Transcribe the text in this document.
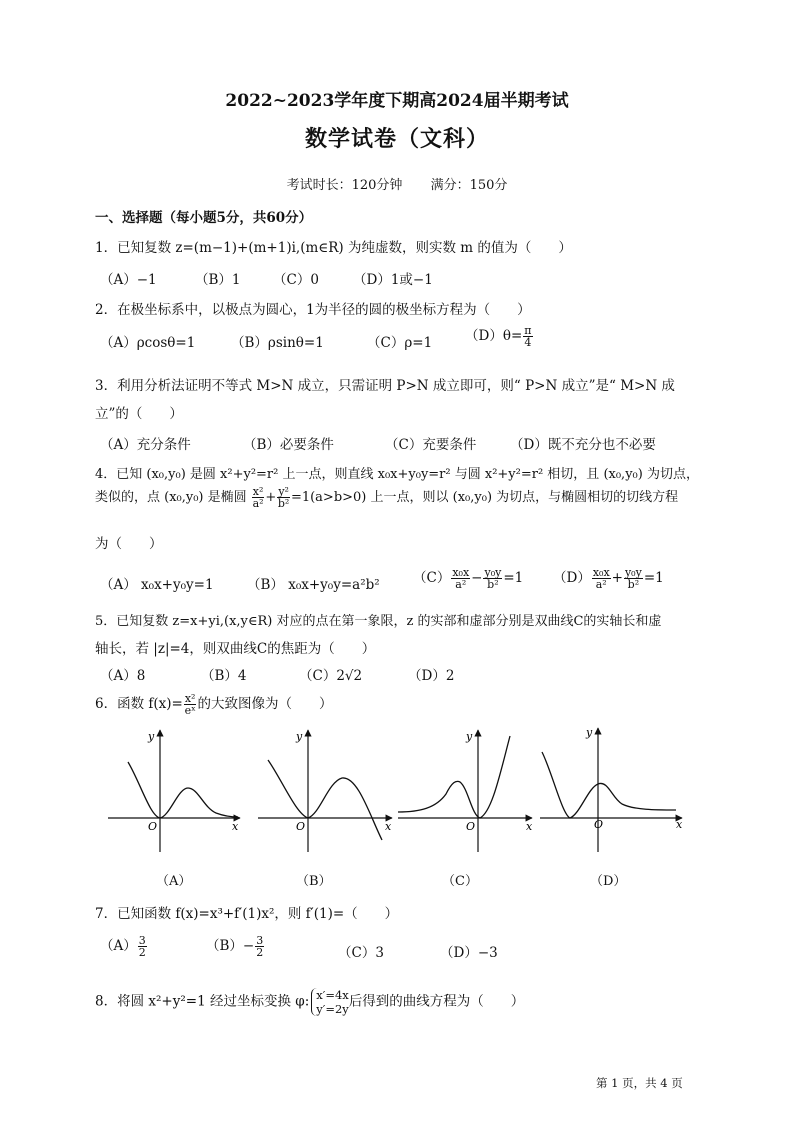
2022~2023学年度下期高2024届半期考试
数学试卷（文科）
考试时长：120分钟 满分：150分
一、选择题（每小题5分，共60分）
1．已知复数 z=(m−1)+(m+1)i,(m∈R) 为纯虚数，则实数 m 的值为（　　）
（A）−1	（B）1 （C）0	（D）1或−1
2．在极坐标系中，以极点为圆心，1为半径的圆的极坐标方程为（　　）
（A）ρcosθ=1	（B）ρsinθ=1	（C）ρ=1 $(D)\theta= \frac{\pi}{4}$
3．利用分析法证明不等式 M>N 成立，只需证明 P>N 成立即可，则“ P>N 成立”是“ M>N 成
立”的（　　）
（A）充分条件	（B）必要条件	（C）充要条件 （D）既不充分也不必要
4．已知 (x₀,y₀) 是圆 x²+y²=r² 上一点，则直线 x₀x+y₀y=r² 与圆 x²+y²=r² 相切，且 (x₀,y₀) 为切点，
类似的，点 (x₀,y₀) 是椭圆 $\frac{\text{x²}}{\text{a²}} + \frac{\text{y²}}{\text{b²}} =1(a>b>0)$ 上一点，则以 (x₀,y₀) 为切点，与椭圆相切的切线方程
为（　　）
（A） x₀x+y₀y=1 （B） x₀x+y₀y=a²b² $(C) \frac{\text{x₀x}}{\text{a²}} - \frac{\text{y₀y}}{\text{b²}} =1$ $(D) \frac{\text{x₀x}}{\text{a²}} + \frac{\text{y₀y}}{\text{b²}} =1$
5．已知复数 z=x+yi,(x,y∈R) 对应的点在第一象限，z 的实部和虚部分别是双曲线C的实轴长和虚
轴长，若 |z|=4，则双曲线C的焦距为（　　）
（A）8	（B）4	（C）2√2	（D）2
6．函数 $f(x)= \frac{\text{x²}}{\text{eˣ}}$ 的大致图像为（　　）
O	x
y
O	x
y
O	x
y
O	x
y
（A）	（B）	（C）	（D）
7．已知函数 f(x)=x³+f′(1)x²，则 f′(1)=（　　）
$(A) \frac{3}{2}$	$(B)- \frac{3}{2}$	（C）3	（D）−3
8．将圆 x²+y²=1 经过坐标变换 φ: x′=4x
y′=2y 后得到的曲线方程为（　　）
第 1 页，共 4 页
